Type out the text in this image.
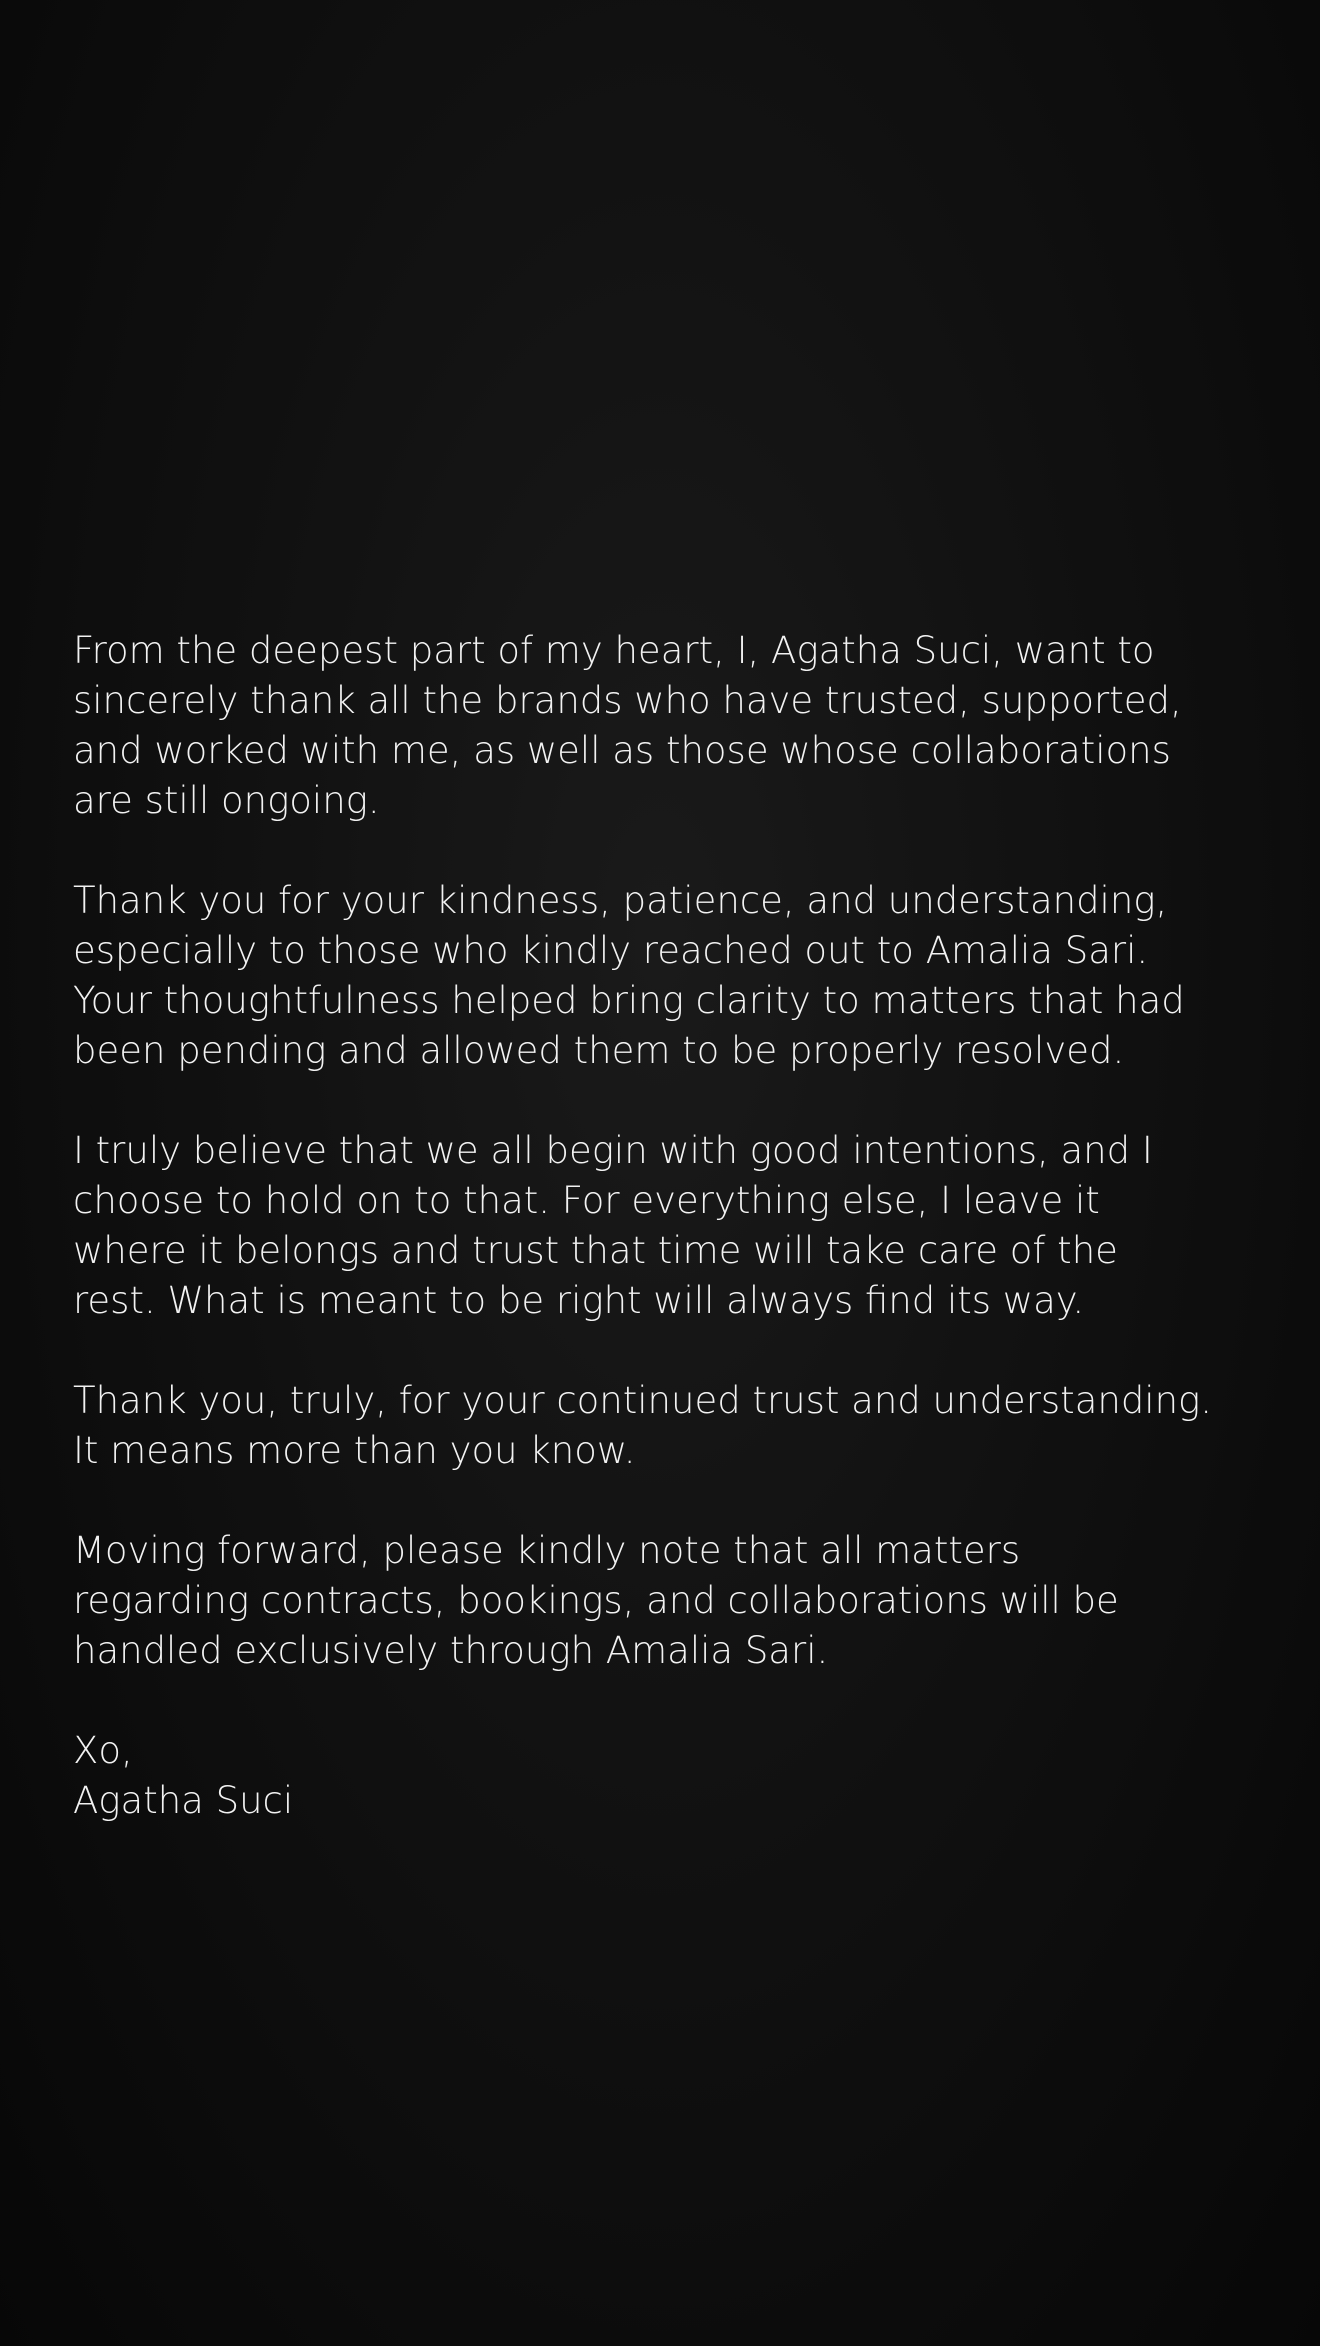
From the deepest part of my heart, I, Agatha Suci, want to
sincerely thank all the brands who have trusted, supported,
and worked with me, as well as those whose collaborations
are still ongoing.

Thank you for your kindness, patience, and understanding,
especially to those who kindly reached out to Amalia Sari.
Your thoughtfulness helped bring clarity to matters that had
been pending and allowed them to be properly resolved.

I truly believe that we all begin with good intentions, and I
choose to hold on to that. For everything else, I leave it
where it belongs and trust that time will take care of the
rest. What is meant to be right will always find its way.

Thank you, truly, for your continued trust and understanding.
It means more than you know.

Moving forward, please kindly note that all matters
regarding contracts, bookings, and collaborations will be
handled exclusively through Amalia Sari.

Xo,
Agatha Suci
